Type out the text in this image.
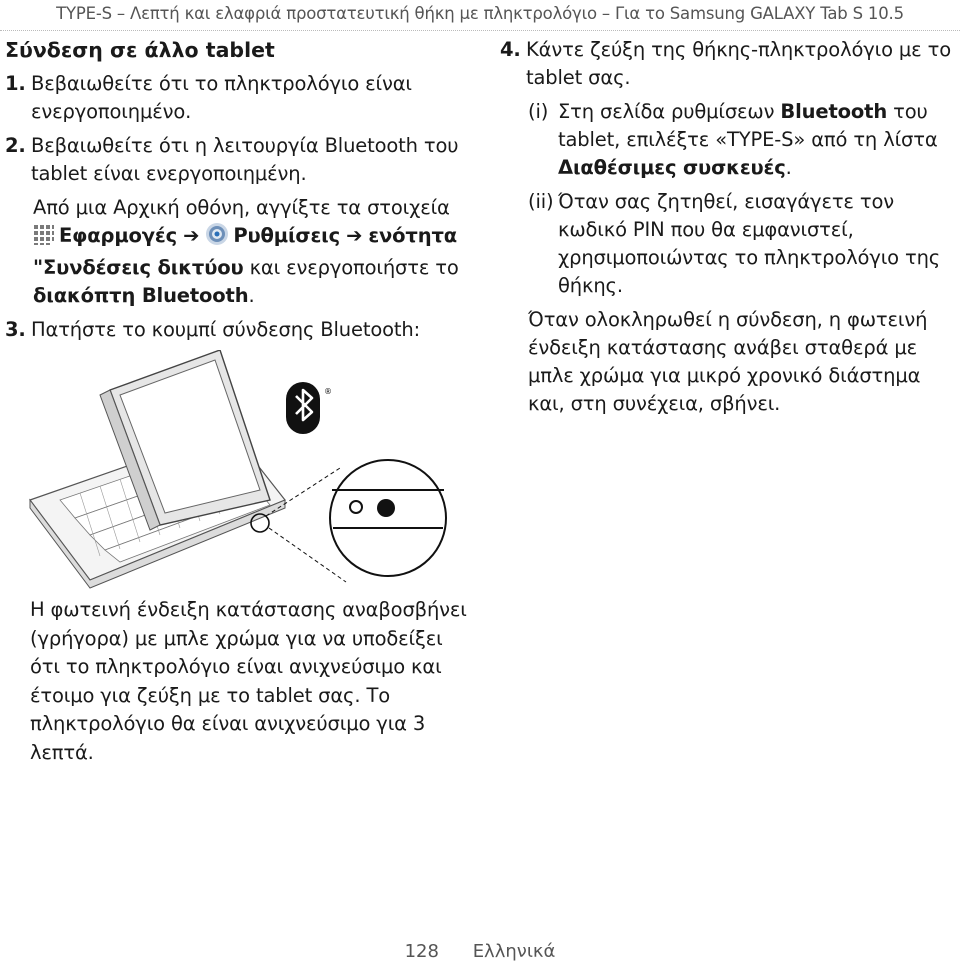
TYPE-S – Λεπτή και ελαφριά προστατευτική θήκη με πληκτρολόγιο – Για το Samsung GALAXY Tab S 10.5
Σύνδεση σε άλλο tablet
1. Βεβαιωθείτε ότι το πληκτρολόγιο είναι ενεργοποιημένο.
2. Βεβαιωθείτε ότι η λειτουργία Bluetooth του tablet είναι ενεργοποιημένη.
Από μια Αρχική οθόνη, αγγίξτε τα στοιχεία
Εφαρμογές ➔ Ρυθμίσεις ➔ ενότητα
"Συνδέσεις δικτύου και ενεργοποιήστε το
διακόπτη Bluetooth.
3. Πατήστε το κουμπί σύνδεσης Bluetooth:
4. Κάντε ζεύξη της θήκης-πληκτρολόγιο με το tablet σας.
(i) Στη σελίδα ρυθμίσεων Bluetooth του tablet, επιλέξτε «TYPE-S» από τη λίστα Διαθέσιμες συσκευές.
(ii) Όταν σας ζητηθεί, εισαγάγετε τον κωδικό PIN που θα εμφανιστεί, χρησιμοποιώντας το πληκτρολόγιο της θήκης.
Όταν ολοκληρωθεί η σύνδεση, η φωτεινή ένδειξη κατάστασης ανάβει σταθερά με μπλε χρώμα για μικρό χρονικό διάστημα και, στη συνέχεια, σβήνει.
®
Η φωτεινή ένδειξη κατάστασης αναβοσβήνει (γρήγορα) με μπλε χρώμα για να υποδείξει ότι το πληκτρολόγιο είναι ανιχνεύσιμο και έτοιμο για ζεύξη με το tablet σας. Το πληκτρολόγιο θα είναι ανιχνεύσιμο για 3 λεπτά.
128 Ελληνικά
